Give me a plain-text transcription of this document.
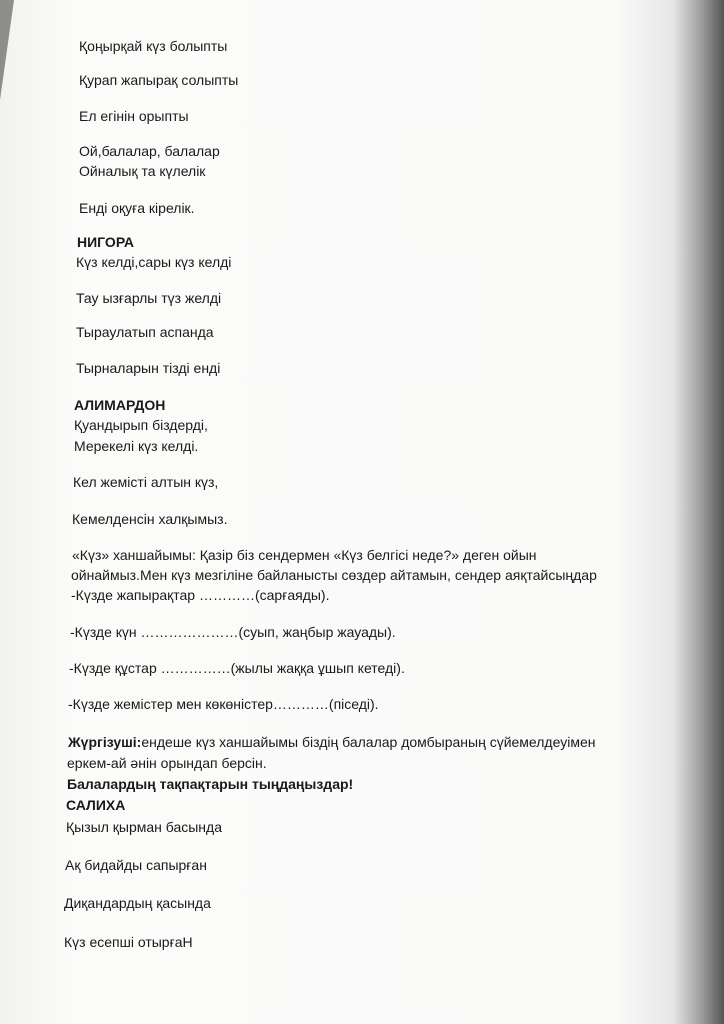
Қоңырқай күз болыпты
Қурап жапырақ солыпты
Ел егінін орыпты
Ой,балалар, балалар
Ойналық та күлелік
Енді оқуға кірелік.
НИГОРА
Күз келді,сары күз келді
Тау ызғарлы түз желді
Тыраулатып аспанда
Тырналарын тізді енді
АЛИМАРДОН
Қуандырып біздерді,
Мерекелі күз келді.
Кел жемісті алтын күз,
Кемелденсін халқымыз.
«Күз» ханшайымы: Қазір біз сендермен «Күз белгісі неде?» деген ойын
ойнаймыз.Мен күз мезгіліне байланысты сөздер айтамын, сендер аяқтайсыңдар
-Күзде жапырақтар …………(сарғаяды).
-Күзде күн …………………(суып, жаңбыр жауады).
-Күзде құстар ……………(жылы жаққа ұшып кетеді).
-Күзде жемістер мен көкөністер…………(піседі).
Жүргізуші:ендеше күз ханшайымы біздің балалар домбыраның сүйемелдеуімен
еркем-ай әнін орындап берсін.
Балалардың тақпақтарын тыңдаңыздар!
САЛИХА
Қызыл қырман басында
Ақ бидайды сапырған
Диқандардың қасында
Күз есепші отырғаН
